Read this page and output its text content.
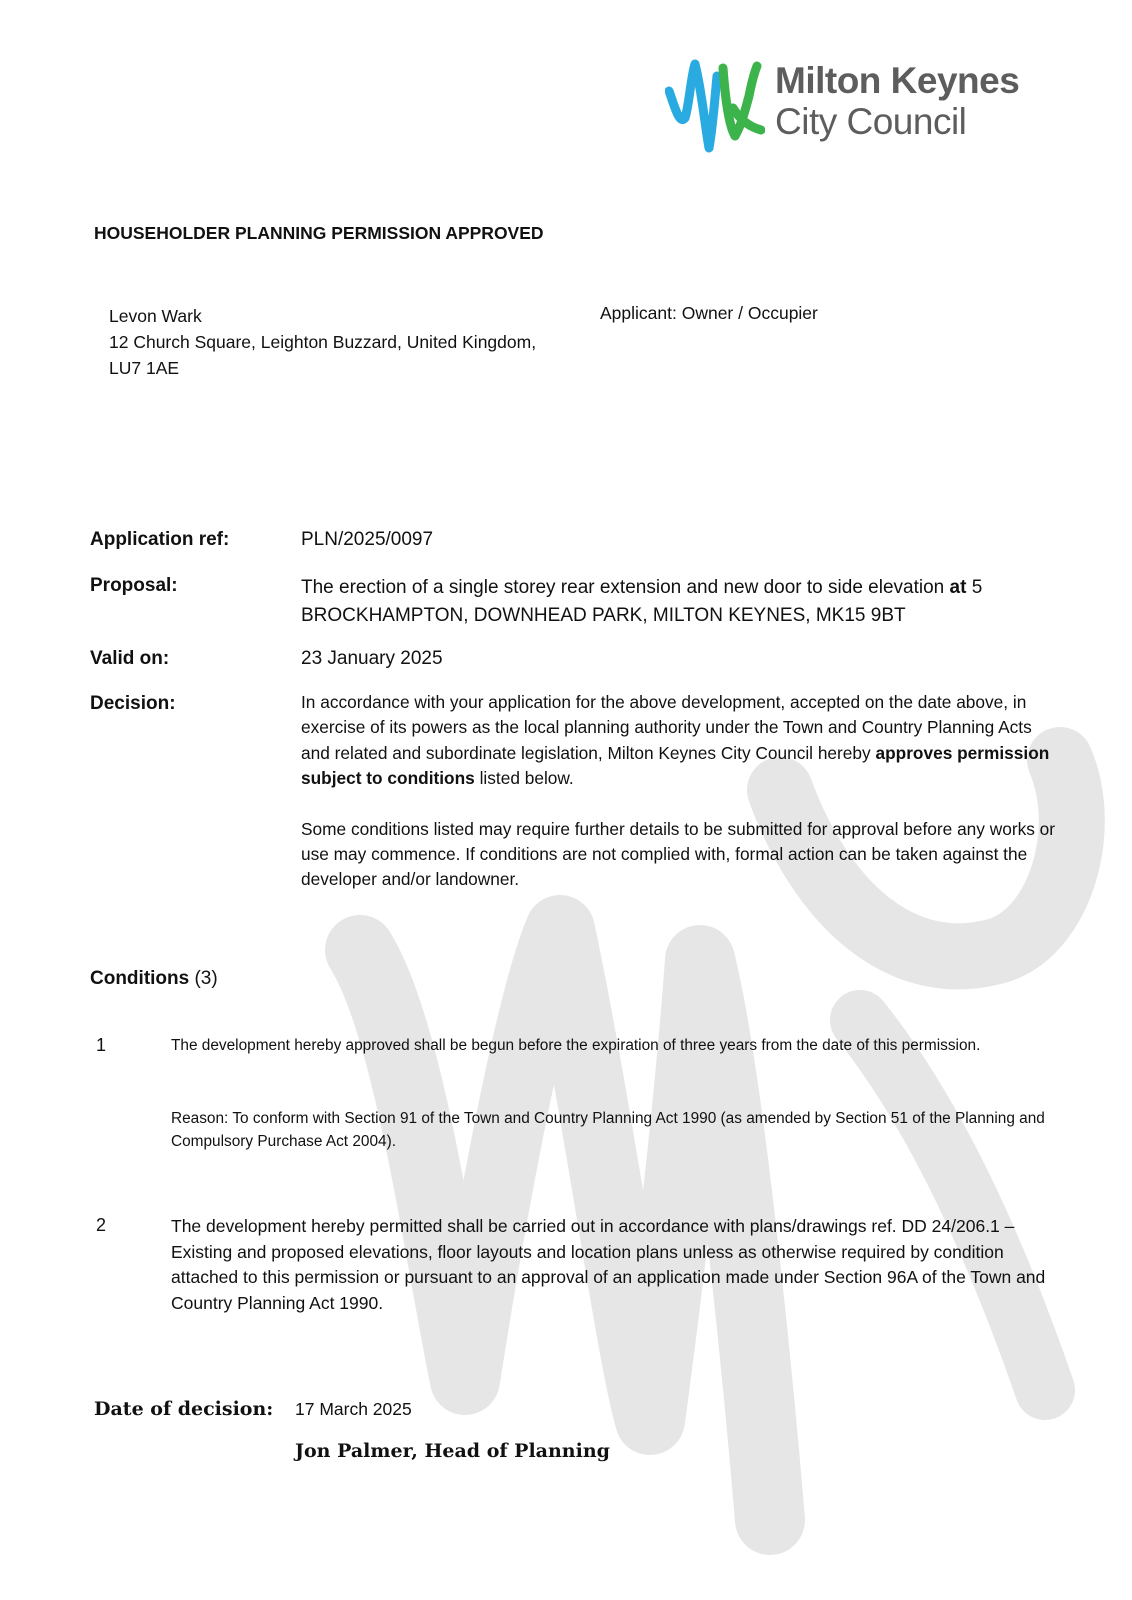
Milton Keynes
City Council
HOUSEHOLDER PLANNING PERMISSION APPROVED
Levon Wark
12 Church Square, Leighton Buzzard, United Kingdom,
LU7 1AE
Applicant: Owner / Occupier
Application ref:	PLN/2025/0097
Proposal:	The erection of a single storey rear extension and new door to side elevation at 5 BROCKHAMPTON, DOWNHEAD PARK, MILTON KEYNES, MK15 9BT
Valid on:	23 January 2025
Decision:	In accordance with your application for the above development, accepted on the date above, in exercise of its powers as the local planning authority under the Town and Country Planning Acts and related and subordinate legislation, Milton Keynes City Council hereby approves permission subject to conditions listed below.

Some conditions listed may require further details to be submitted for approval before any works or use may commence. If conditions are not complied with, formal action can be taken against the developer and/or landowner.

Conditions (3)
1	The development hereby approved shall be begun before the expiration of three years from the date of this permission.
Reason: To conform with Section 91 of the Town and Country Planning Act 1990 (as amended by Section 51 of the Planning and Compulsory Purchase Act 2004).
2	The development hereby permitted shall be carried out in accordance with plans/drawings ref. DD 24/206.1 – Existing and proposed elevations, floor layouts and location plans unless as otherwise required by condition attached to this permission or pursuant to an approval of an application made under Section 96A of the Town and Country Planning Act 1990.
Date of decision: 17 March 2025
Jon Palmer, Head of Planning
